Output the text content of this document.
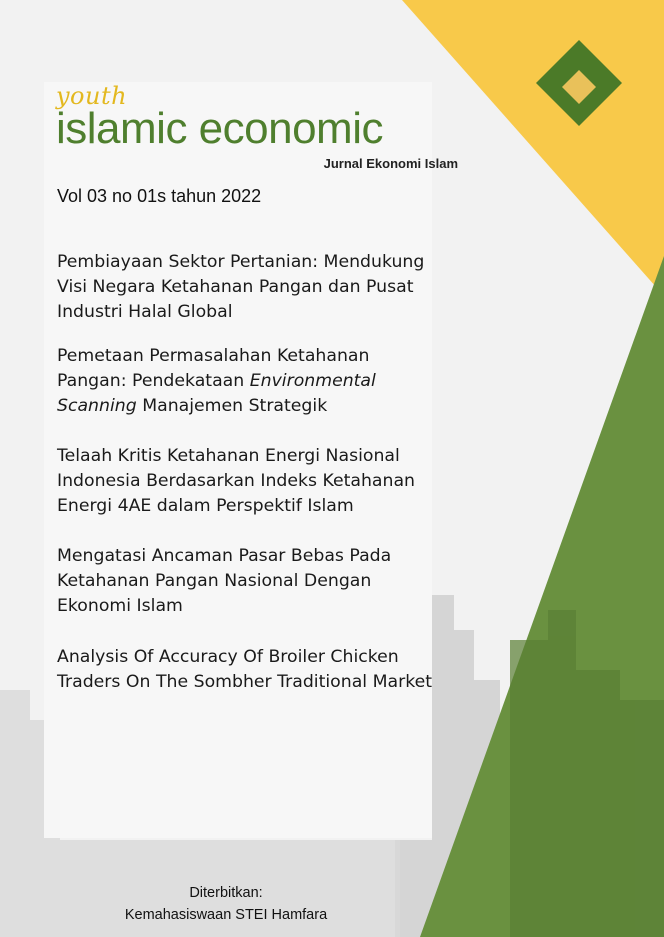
youth
islamic economic
Jurnal Ekonomi Islam
Vol 03 no 01s tahun 2022
Pembiayaan Sektor Pertanian: Mendukung Visi Negara Ketahanan Pangan dan Pusat Industri Halal Global
Pemetaan Permasalahan Ketahanan Pangan: Pendekataan Environmental
Scanning Manajemen Strategik
Telaah Kritis Ketahanan Energi Nasional Indonesia Berdasarkan Indeks Ketahanan Energi 4AE dalam Perspektif Islam
Mengatasi Ancaman Pasar Bebas Pada Ketahanan Pangan Nasional Dengan Ekonomi Islam
Analysis Of Accuracy Of Broiler Chicken Traders On The Sombher Traditional Market
Diterbitkan:
Kemahasiswaan STEI Hamfara
